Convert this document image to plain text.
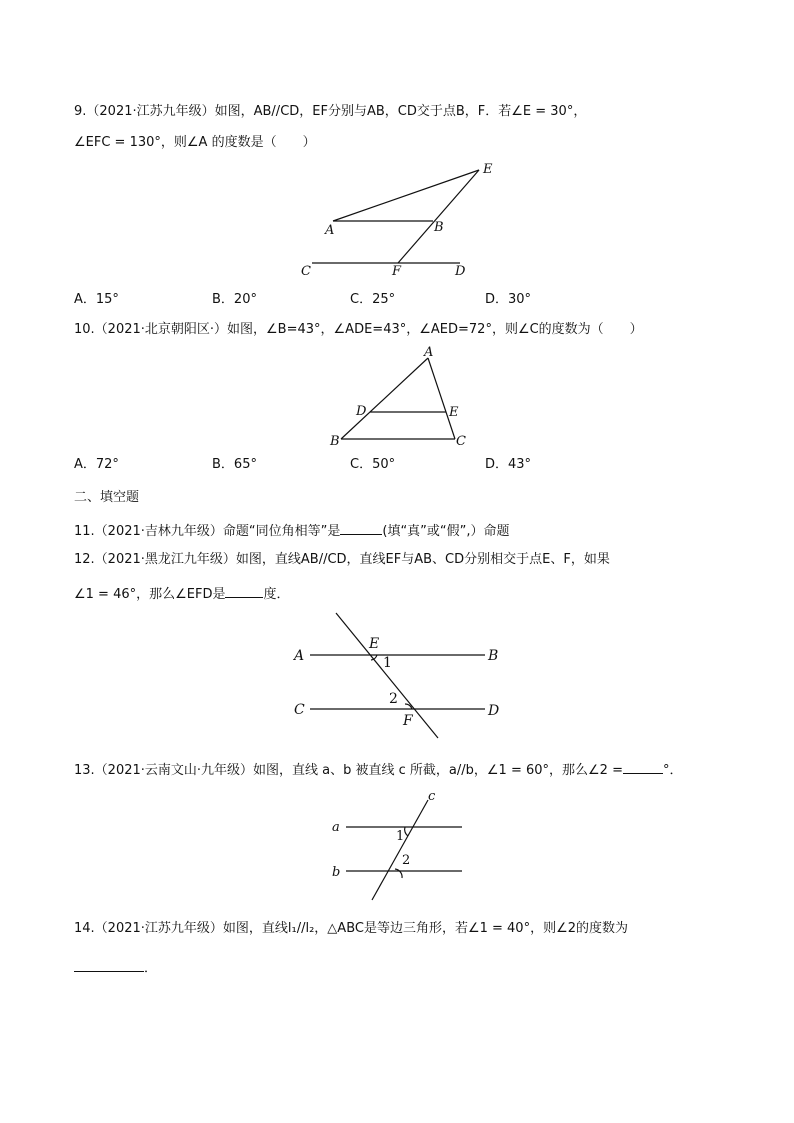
9.（2021·江苏九年级）如图，AB//CD，EF分别与AB，CD交于点B，F．若∠E = 30°，
∠EFC = 130°，则∠A 的度数是（　　）
E
A	B
C	F	D
A．15°	B．20°	C．25°	D．30°
10.（2021·北京朝阳区·）如图，∠B=43°，∠ADE=43°，∠AED=72°，则∠C的度数为（　　）
A
D	E
B	C
A．72°	B．65°	C．50°	D．43°
二、填空题
11.（2021·吉林九年级）命题“同位角相等”是	(填“真”或“假”,）命题
12.（2021·黑龙江九年级）如图，直线AB//CD，直线EF与AB、CD分别相交于点E、F，如果
∠1 = 46°，那么∠EFD是	度．
A
E
1	B
C
2
F
D
13.（2021·云南文山·九年级）如图，直线 a、b 被直线 c 所截，a//b，∠1 = 60°，那么∠2 =	°．
c
a
1
b
2
14.（2021·江苏九年级）如图，直线l₁//l₂，△ABC是等边三角形，若∠1 = 40°，则∠2的度数为
．
